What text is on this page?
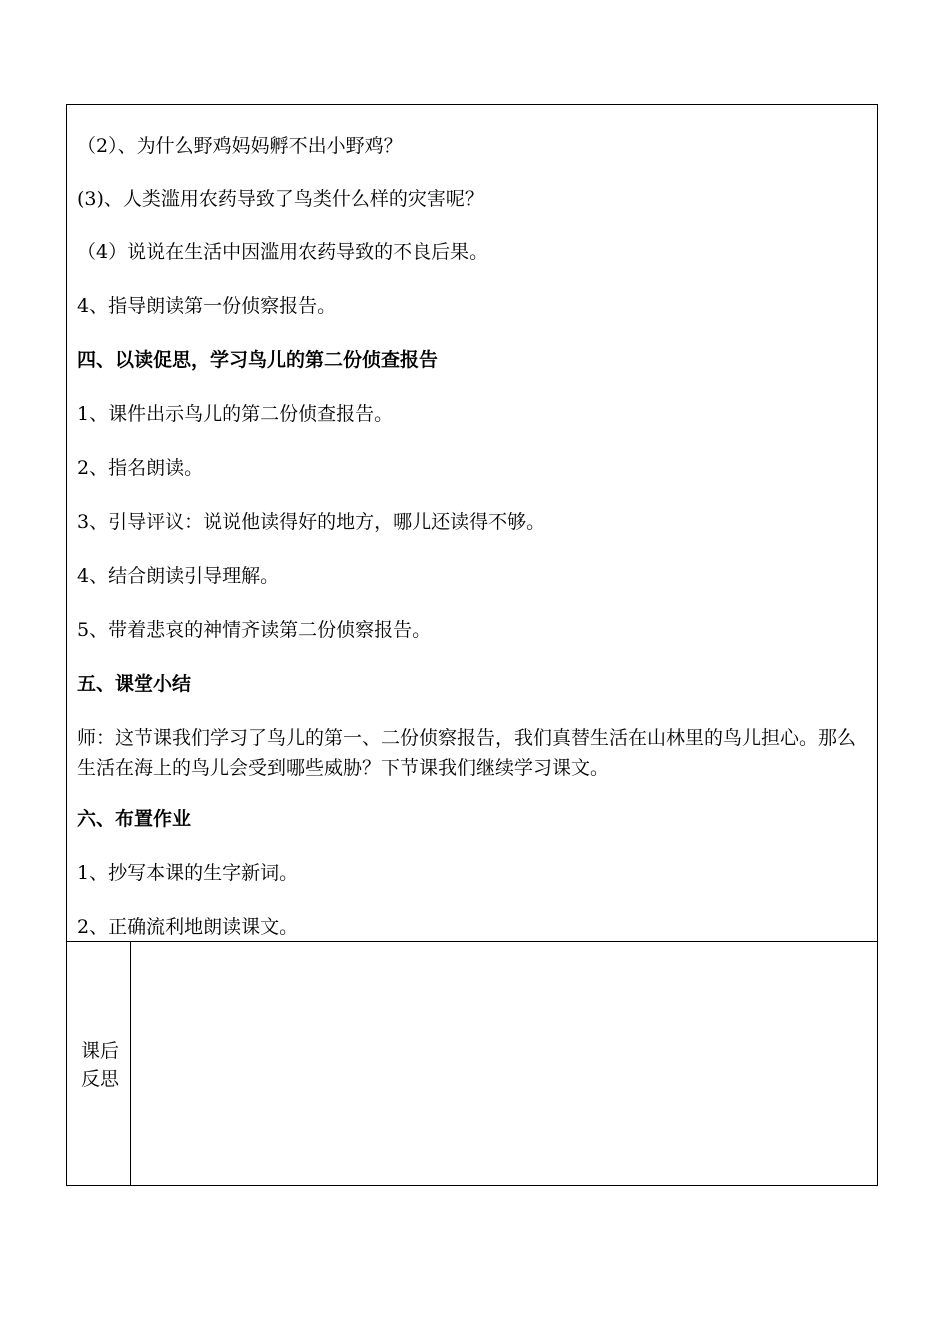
（2）、为什么野鸡妈妈孵不出小野鸡？
(3)、人类滥用农药导致了鸟类什么样的灾害呢？
（4）说说在生活中因滥用农药导致的不良后果。
4、指导朗读第一份侦察报告。
四、以读促思，学习鸟儿的第二份侦查报告
1、课件出示鸟儿的第二份侦查报告。
2、指名朗读。
3、引导评议：说说他读得好的地方，哪儿还读得不够。
4、结合朗读引导理解。
5、带着悲哀的神情齐读第二份侦察报告。
五、课堂小结
师：这节课我们学习了鸟儿的第一、二份侦察报告，我们真替生活在山林里的鸟儿担心。那么生活在海上的鸟儿会受到哪些威胁？下节课我们继续学习课文。
六、布置作业
1、抄写本课的生字新词。
2、正确流利地朗读课文。
课后
反思
